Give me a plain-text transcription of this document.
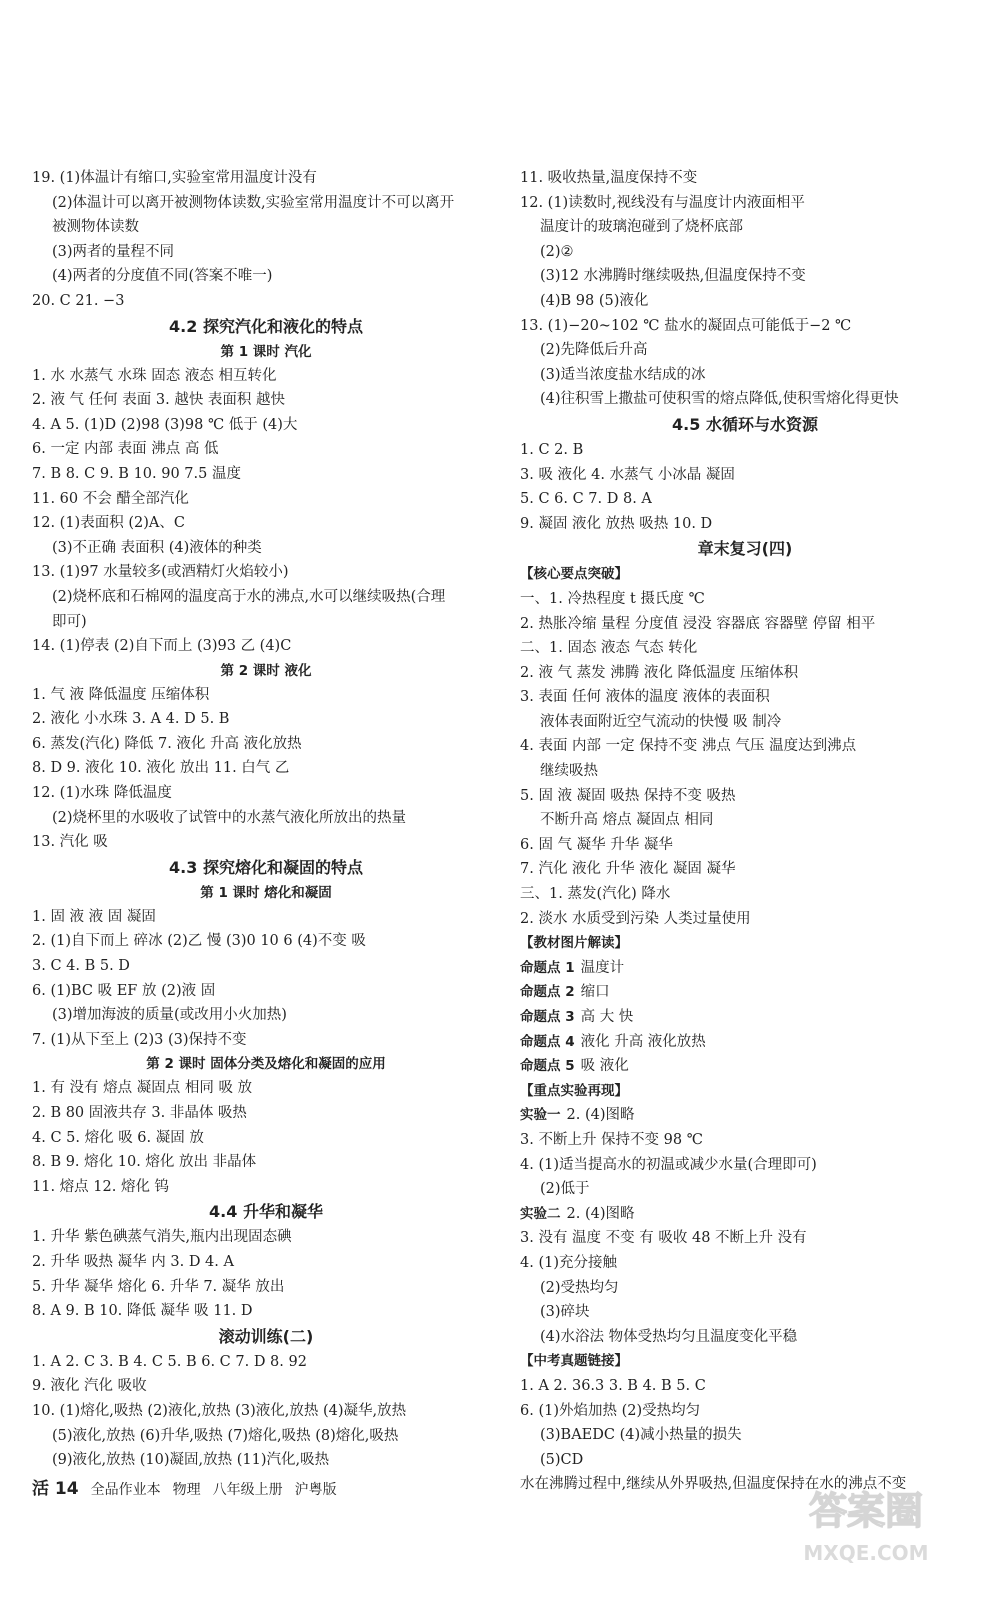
19. (1)体温计有缩口,实验室常用温度计没有
(2)体温计可以离开被测物体读数,实验室常用温度计不可以离开
被测物体读数
(3)两者的量程不同
(4)两者的分度值不同(答案不唯一)
20. C 21. −3
4.2 探究汽化和液化的特点
第 1 课时 汽化
1. 水 水蒸气 水珠 固态 液态 相互转化
2. 液 气 任何 表面 3. 越快 表面积 越快
4. A 5. (1)D (2)98 (3)98 ℃ 低于 (4)大
6. 一定 内部 表面 沸点 高 低
7. B 8. C 9. B 10. 90 7.5 温度
11. 60 不会 醋全部汽化
12. (1)表面积 (2)A、C
(3)不正确 表面积 (4)液体的种类
13. (1)97 水量较多(或酒精灯火焰较小)
(2)烧杯底和石棉网的温度高于水的沸点,水可以继续吸热(合理
即可)
14. (1)停表 (2)自下而上 (3)93 乙 (4)C
第 2 课时 液化
1. 气 液 降低温度 压缩体积
2. 液化 小水珠 3. A 4. D 5. B
6. 蒸发(汽化) 降低 7. 液化 升高 液化放热
8. D 9. 液化 10. 液化 放出 11. 白气 乙
12. (1)水珠 降低温度
(2)烧杯里的水吸收了试管中的水蒸气液化所放出的热量
13. 汽化 吸
4.3 探究熔化和凝固的特点
第 1 课时 熔化和凝固
1. 固 液 液 固 凝固
2. (1)自下而上 碎冰 (2)乙 慢 (3)0 10 6 (4)不变 吸
3. C 4. B 5. D
6. (1)BC 吸 EF 放 (2)液 固
(3)增加海波的质量(或改用小火加热)
7. (1)从下至上 (2)3 (3)保持不变
第 2 课时 固体分类及熔化和凝固的应用
1. 有 没有 熔点 凝固点 相同 吸 放
2. B 80 固液共存 3. 非晶体 吸热
4. C 5. 熔化 吸 6. 凝固 放
8. B 9. 熔化 10. 熔化 放出 非晶体
11. 熔点 12. 熔化 钨
4.4 升华和凝华
1. 升华 紫色碘蒸气消失,瓶内出现固态碘
2. 升华 吸热 凝华 内 3. D 4. A
5. 升华 凝华 熔化 6. 升华 7. 凝华 放出
8. A 9. B 10. 降低 凝华 吸 11. D
滚动训练(二)
1. A 2. C 3. B 4. C 5. B 6. C 7. D 8. 92
9. 液化 汽化 吸收
10. (1)熔化,吸热 (2)液化,放热 (3)液化,放热 (4)凝华,放热
(5)液化,放热 (6)升华,吸热 (7)熔化,吸热 (8)熔化,吸热
(9)液化,放热 (10)凝固,放热 (11)汽化,吸热
11. 吸收热量,温度保持不变
12. (1)读数时,视线没有与温度计内液面相平
温度计的玻璃泡碰到了烧杯底部
(2)②
(3)12 水沸腾时继续吸热,但温度保持不变
(4)B 98 (5)液化
13. (1)−20~102 ℃ 盐水的凝固点可能低于−2 ℃
(2)先降低后升高
(3)适当浓度盐水结成的冰
(4)往积雪上撒盐可使积雪的熔点降低,使积雪熔化得更快
4.5 水循环与水资源
1. C 2. B
3. 吸 液化 4. 水蒸气 小冰晶 凝固
5. C 6. C 7. D 8. A
9. 凝固 液化 放热 吸热 10. D
章末复习(四)
【核心要点突破】
一、1. 冷热程度 t 摄氏度 ℃
2. 热胀冷缩 量程 分度值 浸没 容器底 容器壁 停留 相平
二、1. 固态 液态 气态 转化
2. 液 气 蒸发 沸腾 液化 降低温度 压缩体积
3. 表面 任何 液体的温度 液体的表面积
液体表面附近空气流动的快慢 吸 制冷
4. 表面 内部 一定 保持不变 沸点 气压 温度达到沸点
继续吸热
5. 固 液 凝固 吸热 保持不变 吸热
不断升高 熔点 凝固点 相同
6. 固 气 凝华 升华 凝华
7. 汽化 液化 升华 液化 凝固 凝华
三、1. 蒸发(汽化) 降水
2. 淡水 水质受到污染 人类过量使用
【教材图片解读】
命题点 1 温度计
命题点 2 缩口
命题点 3 高 大 快
命题点 4 液化 升高 液化放热
命题点 5 吸 液化
【重点实验再现】
实验一 2. (4)图略
3. 不断上升 保持不变 98 ℃
4. (1)适当提高水的初温或减少水量(合理即可)
(2)低于
实验二 2. (4)图略
3. 没有 温度 不变 有 吸收 48 不断上升 没有
4. (1)充分接触
(2)受热均匀
(3)碎块
(4)水浴法 物体受热均匀且温度变化平稳
【中考真题链接】
1. A 2. 36.3 3. B 4. B 5. C
6. (1)外焰加热 (2)受热均匀
(3)BAEDC (4)减小热量的损失
(5)CD
水在沸腾过程中,继续从外界吸热,但温度保持在水的沸点不变
活 14 全品作业本 物理 八年级上册 沪粤版	答案圈
MXQE.COM
